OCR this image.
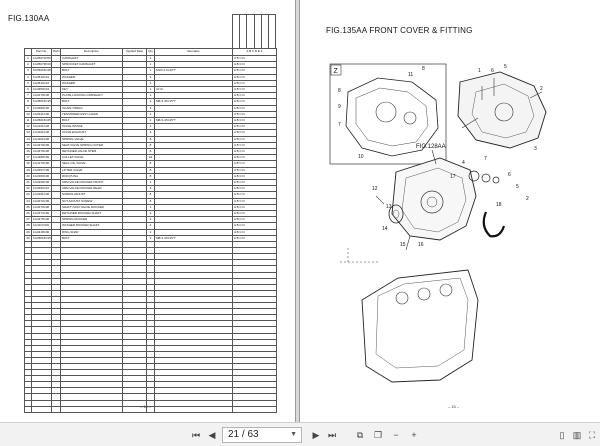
FIG.130AA
	Part No.	Dwin	Description	Applied Date	Qty	Remarks	A B C D E F
1	1G35071P00		CAMSHAFT		1		A B C D
2	1G35073P20		SPROCKET,CAMSHAFT		1		A B C D
3	1G35015C40		BOLT		1	M10×1.5×40°T	A B C D
4	1G3510C10		WASHER		1		A B C D
5	1G3510C10		WASHER		1		A B C D
6	1G4350C10		KEY		1	4××6	A B C D
7	1G3270C30		PLATE,LOCKING,CAMSHAFT		1		A B C D
8	1G35015C15		BOLT		2	M8×1.25×15°T	A B C D
9	1G3380C30		CHAIN,TIMING		1		A B C D
10	1G3341C00		TENSIONER ASSY,CHAIN		1		A B C D
11	1G35015C25		BOLT		2	M8×1.25×25°T	A B C D
12	1G4101C20		VALVE,INTAKE		4		A B C D
13	1G4101C30		VALVE,EXHAUST		4		A B C D
14	1G4101C00		SPRING,VALVE		8		A B C D
15	1G4370C00		SEAT,VALVE SPRING,OUTER		8		A B C D
16	1G4370C00		RETAINER,VALVE STEM		8		A B C D
17	1G4380C00		COLLET,VALVE		16		A B C D
18	1G4170C00		SEAL,OIL,VALVE		8		A B C D
19	1G3357C00		LIFTER,VALVE		8		A B C D
20	1G3360C00		ROD,PUSH		8		A B C D
21	1G3390C00		ARM,VALVE ROCKER,FRONT		4		A B C D
22	1G3390C10		ARM,VALVE ROCKER,REAR		4		A B C D
23	1G3391C00		SCREW,ADJUST		8		A B C D
24	1G3372C00		NUT,ADJUST SCREW		8		A B C D
25	1G3373C00		SHAFT ASSY,VALVE ROCKER		1		A B C D
26	1G3374C00		RETAINER,ROCKER SHAFT		2		A B C D
27	1G3375C00		SPRING,ROCKER		2		A B C D
28	1G4117C00		WASHER,ROCKER SHAFT		2		A B C D
29	1G3418C00		RING,SNAP		2		A B C D
30	1G35015C25		BOLT		3	M8×1.25×25°T	A B C D

– 14 –
FIG.135AA FRONT COVER & FITTING
Z
FIG.128AA
8
9
7
10
11
8	1 6
5
2
3
12
13
14
15 16
4
17
7
18
6
5
2
– 15 –
⏮ ◀	21 / 63	▼ ▶ ⏭	⧉	❐	−	+	▯ ▥ ⛶
